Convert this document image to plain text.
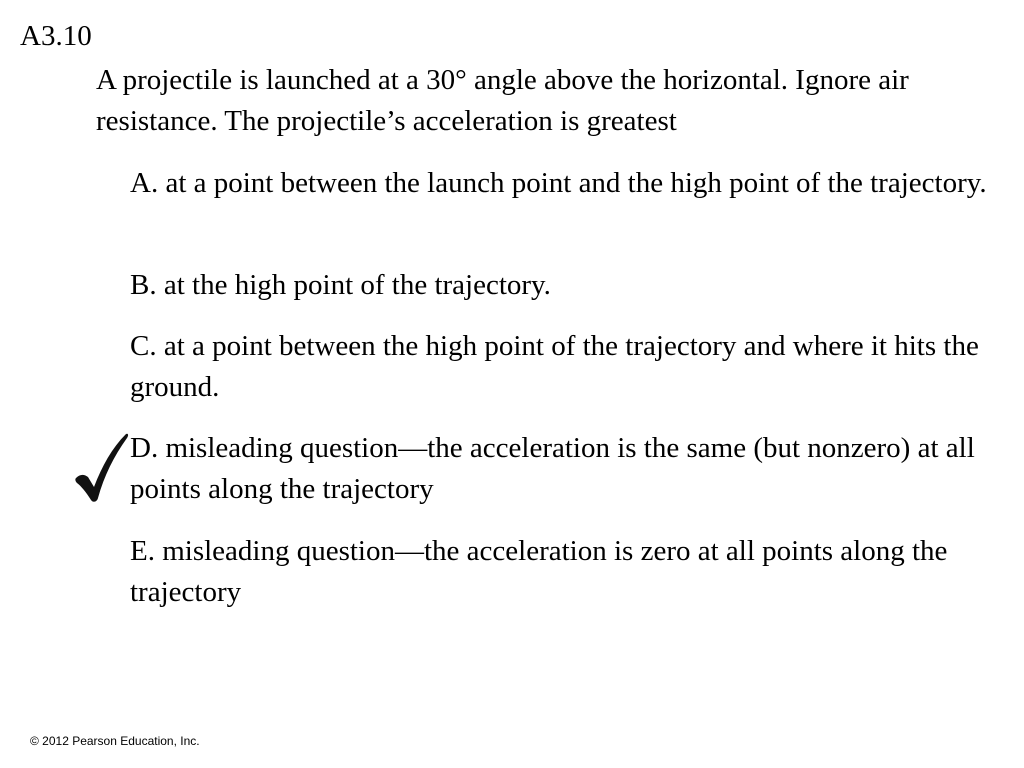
A3.10

A projectile is launched at a 30° angle above the horizontal. Ignore air resistance. The projectile’s acceleration is greatest

A. at a point between the launch point and the high point of the trajectory.

B. at the high point of the trajectory.

C. at a point between the high point of the trajectory and where it hits the ground.

D. misleading question—the acceleration is the same (but nonzero) at all points along the trajectory

E. misleading question—the acceleration is zero at all points along the trajectory

© 2012 Pearson Education, Inc.
